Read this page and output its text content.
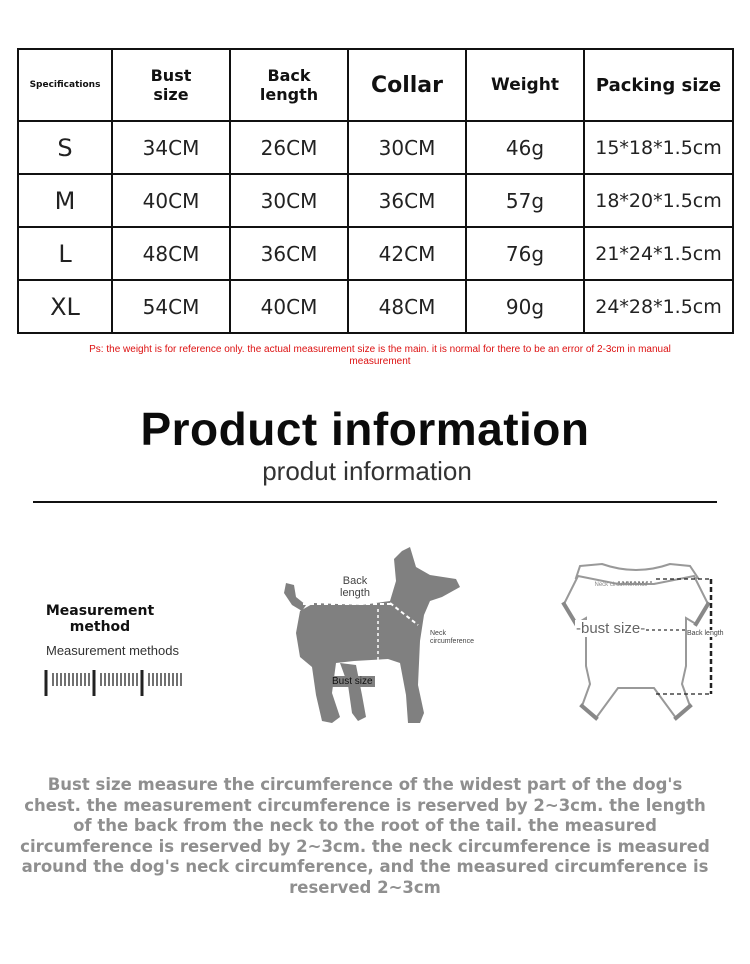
Specifications	Bust size	Back length	Collar	Weight	Packing size
S	34CM	26CM	30CM	46g	15*18*1.5cm
M	40CM	30CM	36CM	57g	18*20*1.5cm
L	48CM	36CM	42CM	76g	21*24*1.5cm
XL	54CM	40CM	48CM	90g	24*28*1.5cm
Ps: the weight is for reference only. the actual measurement size is the main. it is normal for there to be an error of 2-3cm in manual measurement
Product information
produt information
Measurement method
Measurement methods
Back length
Neck circumference
Bust size
Neck circumference
-bust size-	Back length
Bust size measure the circumference of the widest part of the dog's chest. the measurement circumference is reserved by 2~3cm. the length of the back from the neck to the root of the tail. the measured circumference is reserved by 2~3cm. the neck circumference is measured around the dog's neck circumference, and the measured circumference is reserved 2~3cm
